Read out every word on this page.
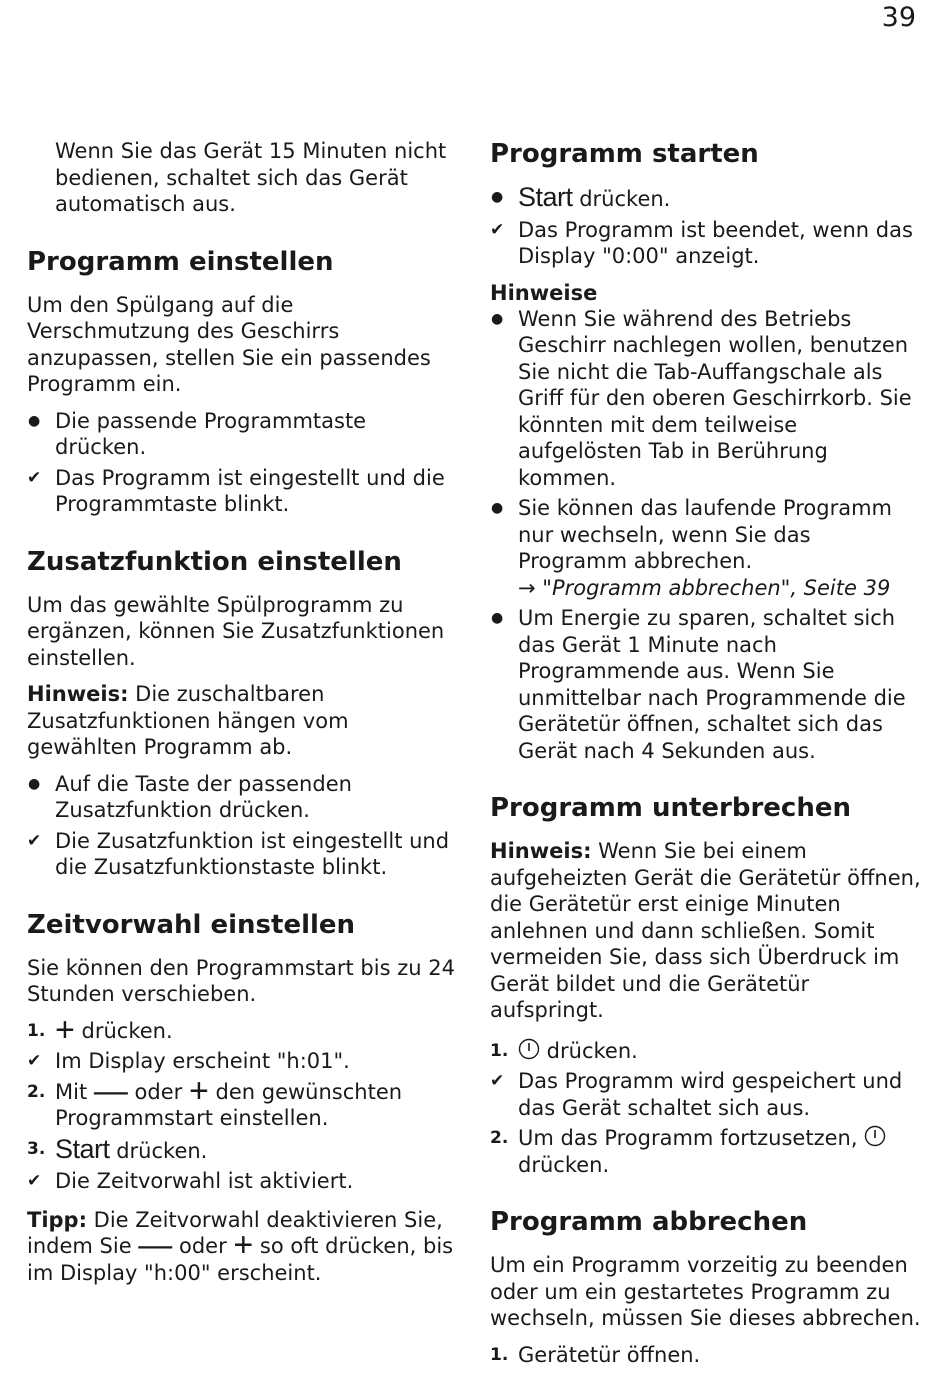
39

Wenn Sie das Gerät 15 Minuten nicht bedienen, schaltet sich das Gerät automatisch aus.

Programm einstellen

Um den Spülgang auf die Verschmutzung des Geschirrs anzupassen, stellen Sie ein passendes Programm ein.

● Die passende Programmtaste drücken.
✔ Das Programm ist eingestellt und die Programmtaste blinkt.
Zusatzfunktion einstellen

Um das gewählte Spülprogramm zu ergänzen, können Sie Zusatzfunktionen einstellen.

Hinweis: Die zuschaltbaren Zusatzfunktionen hängen vom gewählten Programm ab.

● Auf die Taste der passenden Zusatzfunktion drücken.
✔ Die Zusatzfunktion ist eingestellt und die Zusatzfunktionstaste blinkt.
Zeitvorwahl einstellen

Sie können den Programmstart bis zu 24 Stunden verschieben.

1. + drücken.
✔ Im Display erscheint "h:01".
2. Mit — oder + den gewünschten Programmstart einstellen.
3. Start drücken.
✔ Die Zeitvorwahl ist aktiviert.

Tipp: Die Zeitvorwahl deaktivieren Sie, indem Sie — oder + so oft drücken, bis im Display "h:00" erscheint.

Programm starten
● Start drücken.
✔ Das Programm ist beendet, wenn das Display "0:00" anzeigt.
Hinweise
● Wenn Sie während des Betriebs Geschirr nachlegen wollen, benutzen Sie nicht die Tab-Auffangschale als Griff für den oberen Geschirrkorb. Sie könnten mit dem teilweise aufgelösten Tab in Berührung kommen.
● Sie können das laufende Programm nur wechseln, wenn Sie das Programm abbrechen.
→ "Programm abbrechen", Seite 39
● Um Energie zu sparen, schaltet sich das Gerät 1 Minute nach Programmende aus. Wenn Sie unmittelbar nach Programmende die Gerätetür öffnen, schaltet sich das Gerät nach 4 Sekunden aus.
Programm unterbrechen

Hinweis: Wenn Sie bei einem aufgeheizten Gerät die Gerätetür öffnen, die Gerätetür erst einige Minuten anlehnen und dann schließen. Somit vermeiden Sie, dass sich Überdruck im Gerät bildet und die Gerätetür aufspringt.

1. drücken.
✔ Das Programm wird gespeichert und das Gerät schaltet sich aus.
2. Um das Programm fortzusetzen,  drücken.
Programm abbrechen

Um ein Programm vorzeitig zu beenden oder um ein gestartetes Programm zu wechseln, müssen Sie dieses abbrechen.

1. Gerätetür öffnen.
